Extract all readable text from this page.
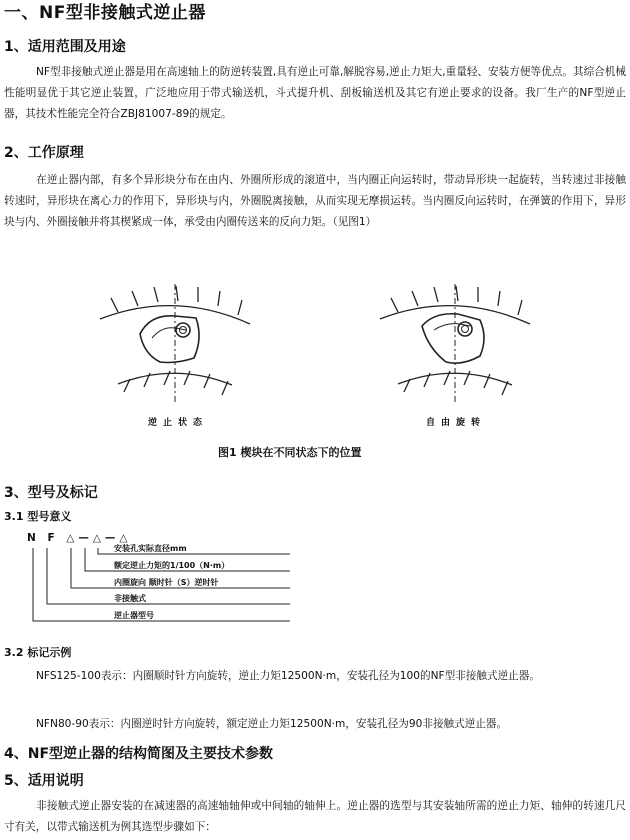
一、NF型非接触式逆止器
1、适用范围及用途

NF型非接触式逆止器是用在高速轴上的防逆转装置,具有逆止可靠,解脱容易,逆止力矩大,重量轻、安装方便等优点。其综合机械性能明显优于其它逆止装置，广泛地应用于带式输送机，斗式提升机、刮板输送机及其它有逆止要求的设备。我厂生产的NF型逆止器，其技术性能完全符合ZBJ81007-89的规定。

2、工作原理

在逆止器内部，有多个异形块分布在由内、外圈所形成的滚道中，当内圈正向运转时，带动异形块一起旋转，当转速过非接触转速时，异形块在离心力的作用下，异形块与内，外圈脱离接触，从而实现无摩损运转。当内圈反向运转时，在弹簧的作用下，异形块与内、外圈接触并将其楔紧成一体，承受由内圈传送来的反向力矩。（见图1）

逆止状态	自由旋转
图1 楔块在不同状态下的位置
3、型号及标记
3.1 型号意义
N F △—△—△
安装孔实际直径mm
额定逆止力矩的1/100（N·m）
内圈旋向 顺时针（S）逆时针
非接触式
逆止器型号
3.2 标记示例

NFS125-100表示：内圈顺时针方向旋转，逆止力矩12500N·m，安装孔径为100的NF型非接触式逆止器。

NFN80-90表示：内圈逆时针方向旋转，额定逆止力矩12500N·m，安装孔径为90非接触式逆止器。

4、NF型逆止器的结构简图及主要技术参数
5、适用说明

非接触式逆止器安装的在减速器的高速轴轴伸或中间轴的轴伸上。逆止器的选型与其安装轴所需的逆止力矩、轴伸的转速几尺寸有关，以带式输送机为例其选型步骤如下：
